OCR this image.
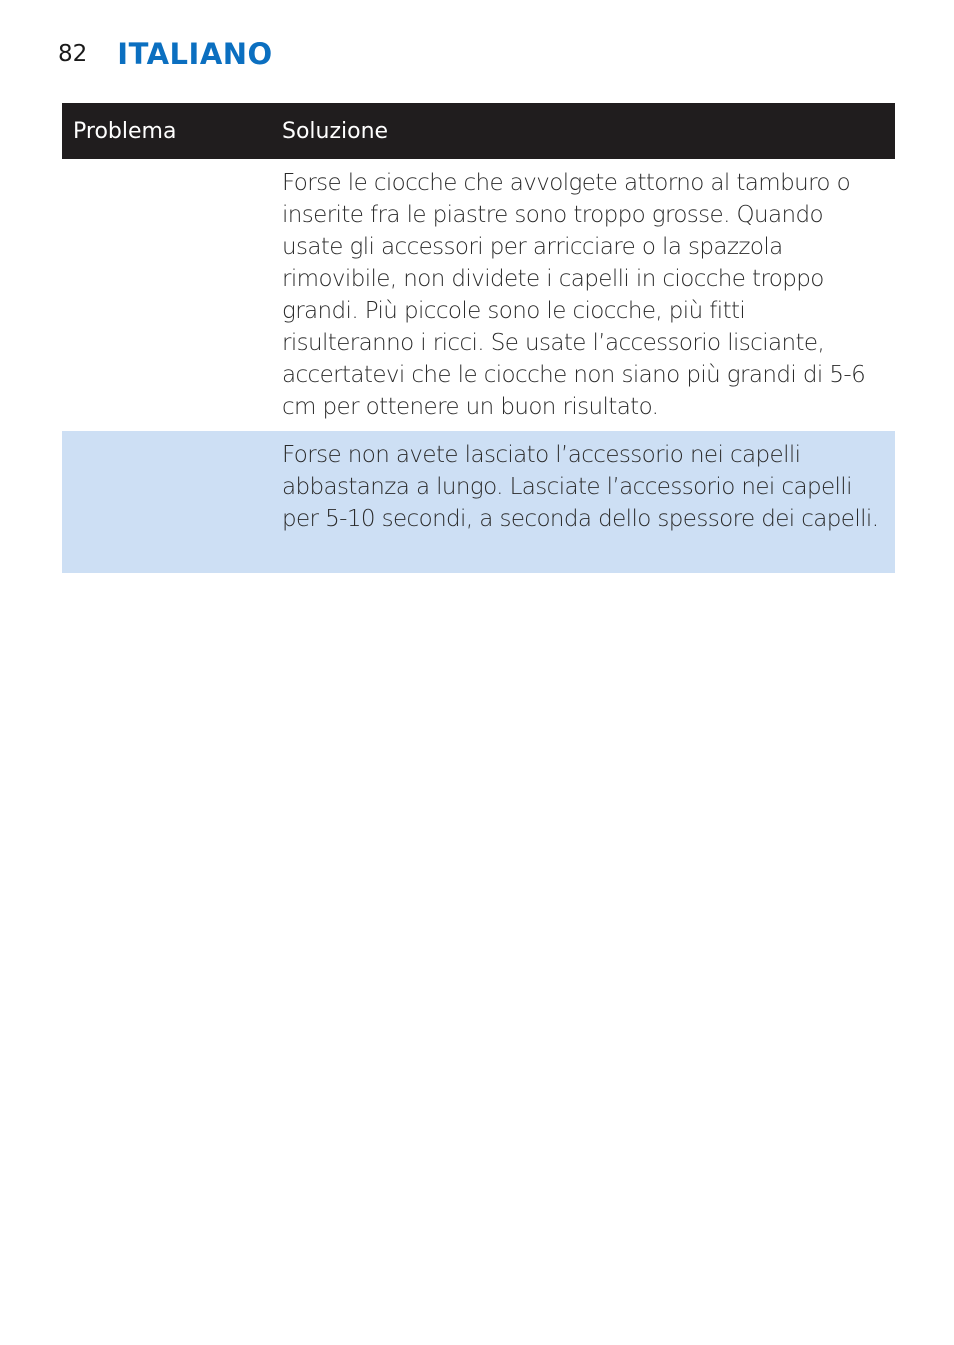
82 ITALIANO
Problema	Soluzione

Forse le ciocche che avvolgete attorno al tamburo o inserite fra le piastre sono troppo grosse. Quando usate gli accessori per arricciare o la spazzola rimovibile, non dividete i capelli in ciocche troppo grandi. Più piccole sono le ciocche, più fitti risulteranno i ricci. Se usate l’accessorio lisciante, accertatevi che le ciocche non siano più grandi di 5-6 cm per ottenere un buon risultato.

Forse non avete lasciato l’accessorio nei capelli abbastanza a lungo. Lasciate l’accessorio nei capelli per 5-10 secondi, a seconda dello spessore dei capelli.
